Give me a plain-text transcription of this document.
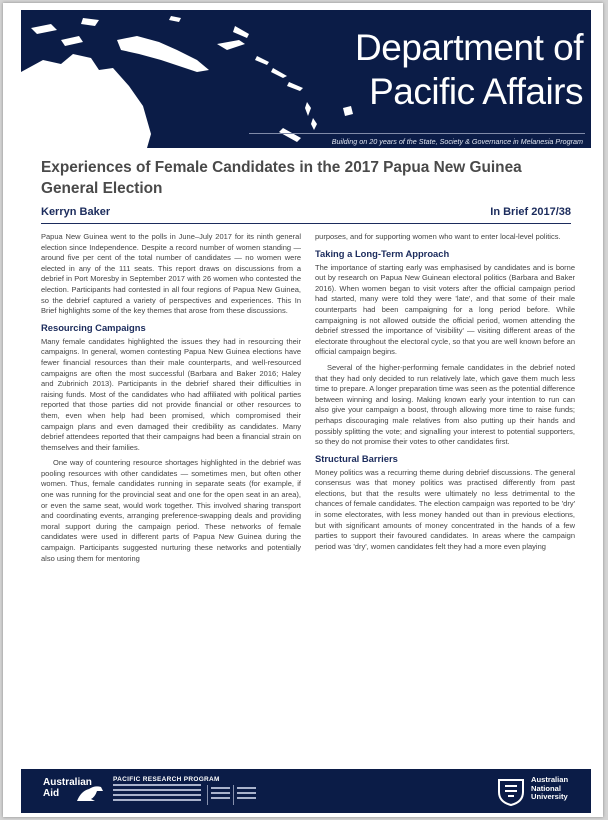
Department of
Pacific Affairs
Building on 20 years of the State, Society & Governance in Melanesia Program
Experiences of Female Candidates in the 2017 Papua New Guinea General Election
Kerryn Baker	In Brief 2017/38

Papua New Guinea went to the polls in June–July 2017 for its ninth general election since Independence. Despite a record number of women standing — around five per cent of the total number of candidates — no women were elected in any of the 111 seats. This report draws on discussions from a debrief in Port Moresby in September 2017 with 26 women who contested the election. Participants had contested in all four regions of Papua New Guinea, so the debrief captured a variety of perspectives and experiences. This In Brief highlights some of the key themes that arose from these discussions.

Resourcing Campaigns

Many female candidates highlighted the issues they had in resourcing their campaigns. In general, women contesting Papua New Guinea elections have fewer financial resources than their male counterparts, and well-resourced campaigns are often the most successful (Barbara and Baker 2016; Haley and Zubrinich 2013). Participants in the debrief shared their difficulties in raising funds. Most of the candidates who had affiliated with political parties reported that those parties did not provide financial or other resources to them, even when help had been promised, which compromised their campaign plans and even damaged their credibility as candidates. Many debrief attendees reported that their campaigns had been a financial strain on themselves and their families.

One way of countering resource shortages highlighted in the debrief was pooling resources with other candidates — sometimes men, but often other women. Thus, female candidates running in separate seats (for example, if one was running for the provincial seat and one for the open seat in an area), or even the same seat, would work together. This involved sharing transport and coordinating events, arranging preference-swapping deals and providing moral support during the campaign period. These networks of female candidates were used in different parts of Papua New Guinea during the campaign. Participants suggested nurturing these networks and potentially also using them for mentoring

purposes, and for supporting women who want to enter local-level politics.

Taking a Long-Term Approach

The importance of starting early was emphasised by candidates and is borne out by research on Papua New Guinean electoral politics (Barbara and Baker 2016). When women began to visit voters after the official campaign period had started, many were told they were 'late', and that some of their male counterparts had been campaigning for a long period before. While campaigning is not allowed outside the official period, women attending the debrief stressed the importance of 'visibility' — visiting different areas of the electorate throughout the electoral cycle, so that you are well known before an official campaign begins.

Several of the higher-performing female candidates in the debrief noted that they had only decided to run relatively late, which gave them much less time to prepare. A longer preparation time was seen as the potential difference between winning and losing. Making known early your intention to run can also give your campaign a boost, through allowing more time to raise funds; perhaps discouraging male relatives from also putting up their hands and possibly splitting the vote; and signalling your interest to potential supporters, so they do not promise their votes to other candidates first.

Structural Barriers

Money politics was a recurring theme during debrief discussions. The general consensus was that money politics was practised differently from past elections, but that the results were ultimately no less detrimental to the chances of female candidates. The election campaign was reported to be 'dry' in some electorates, with less money handed out than in previous elections, but with significant amounts of money concentrated in the hands of a few parties to support their favoured candidates. In areas where the campaign period was 'dry', women candidates felt they had a more even playing

Australian
Aid
PACIFIC RESEARCH PROGRAM	Australian
National
University
